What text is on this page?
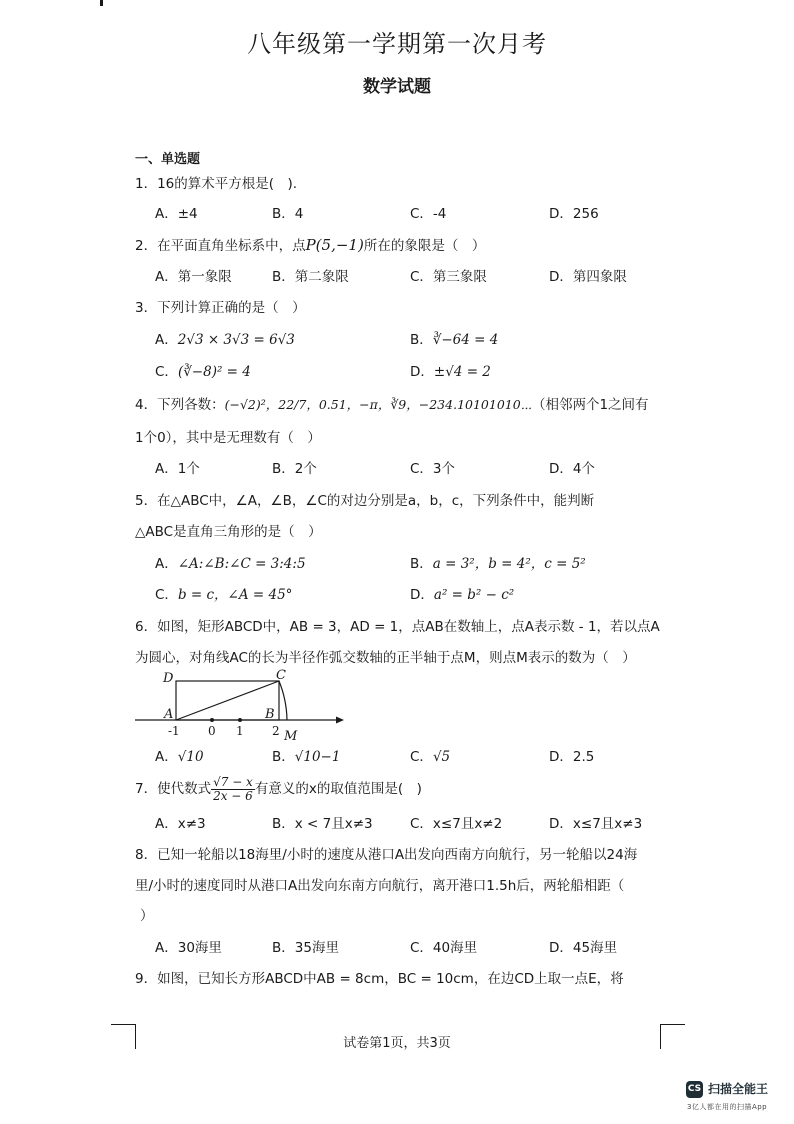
八年级第一学期第一次月考
数学试题
一、单选题
1．16的算术平方根是(　).
A．±4	B．4	C．-4	D．256
2．在平面直角坐标系中，点P(5,−1)所在的象限是（　）
A．第一象限	B．第二象限	C．第三象限	D．第四象限
3．下列计算正确的是（　）
A．2√3 × 3√3 = 6√3	B．∛−64 = 4
C．(∛−8)² = 4	D．±√4 = 2
4．下列各数：(−√2)²，22/7，0.51，−π，∛9，−234.10101010⋯（相邻两个1之间有
1个0），其中是无理数有（　）
A．1个	B．2个	C．3个	D．4个
5．在△ABC中，∠A，∠B，∠C的对边分别是a，b，c，下列条件中，能判断
△ABC是直角三角形的是（　）
A．∠A:∠B:∠C = 3:4:5	B．a = 3²，b = 4²，c = 5²
C．b = c，∠A = 45°	D．a² = b² − c²
6．如图，矩形ABCD中，AB = 3，AD = 1，点AB在数轴上，点A表示数 - 1，若以点A
为圆心，对角线AC的长为半径作弧交数轴的正半轴于点M，则点M表示的数为（　）
D	C
A	B
M
-1 0 1 2
A．√10	B．√10−1	C．√5	D．2.5
7．使代数式 $\frac{√7 - x}{2x - 6}$ 有意义的x的取值范围是(　)
A．x≠3	B．x < 7且x≠3	C．x≤7且x≠2	D．x≤7且x≠3
8．已知一轮船以18海里/小时的速度从港口A出发向西南方向航行，另一轮船以24海
里/小时的速度同时从港口A出发向东南方向航行，离开港口1.5h后，两轮船相距（
）
A．30海里	B．35海里	C．40海里	D．45海里
9．如图，已知长方形ABCD中AB = 8cm，BC = 10cm，在边CD上取一点E，将
试卷第1页，共3页
CS 扫描全能王
3亿人都在用的扫描App
